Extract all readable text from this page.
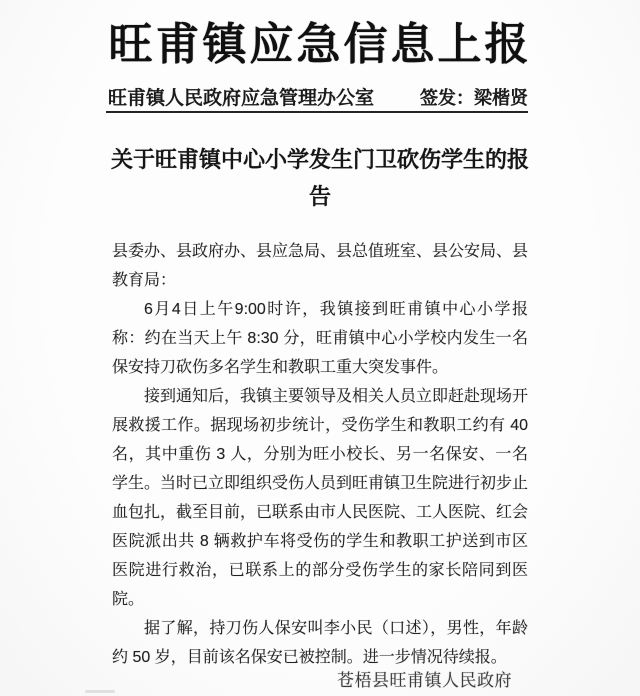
旺甫镇应急信息上报
旺甫镇人民政府应急管理办公室	签发：梁楷贤
关于旺甫镇中心小学发生门卫砍伤学生的报告

县委办、县政府办、县应急局、县总值班室、县公安局、县教育局：

6月4日上午9:00时许，我镇接到旺甫镇中心小学报称：约在当天上午 8:30 分，旺甫镇中心小学校内发生一名保安持刀砍伤多名学生和教职工重大突发事件。

接到通知后，我镇主要领导及相关人员立即赶赴现场开展救援工作。据现场初步统计，受伤学生和教职工约有 40 名，其中重伤 3 人，分别为旺小校长、另一名保安、一名学生。当时已立即组织受伤人员到旺甫镇卫生院进行初步止血包扎，截至目前，已联系由市人民医院、工人医院、红会医院派出共 8 辆救护车将受伤的学生和教职工护送到市区医院进行救治，已联系上的部分受伤学生的家长陪同到医院。

据了解，持刀伤人保安叫李小民（口述），男性，年龄约 50 岁，目前该名保安已被控制。进一步情况待续报。

苍梧县旺甫镇人民政府
